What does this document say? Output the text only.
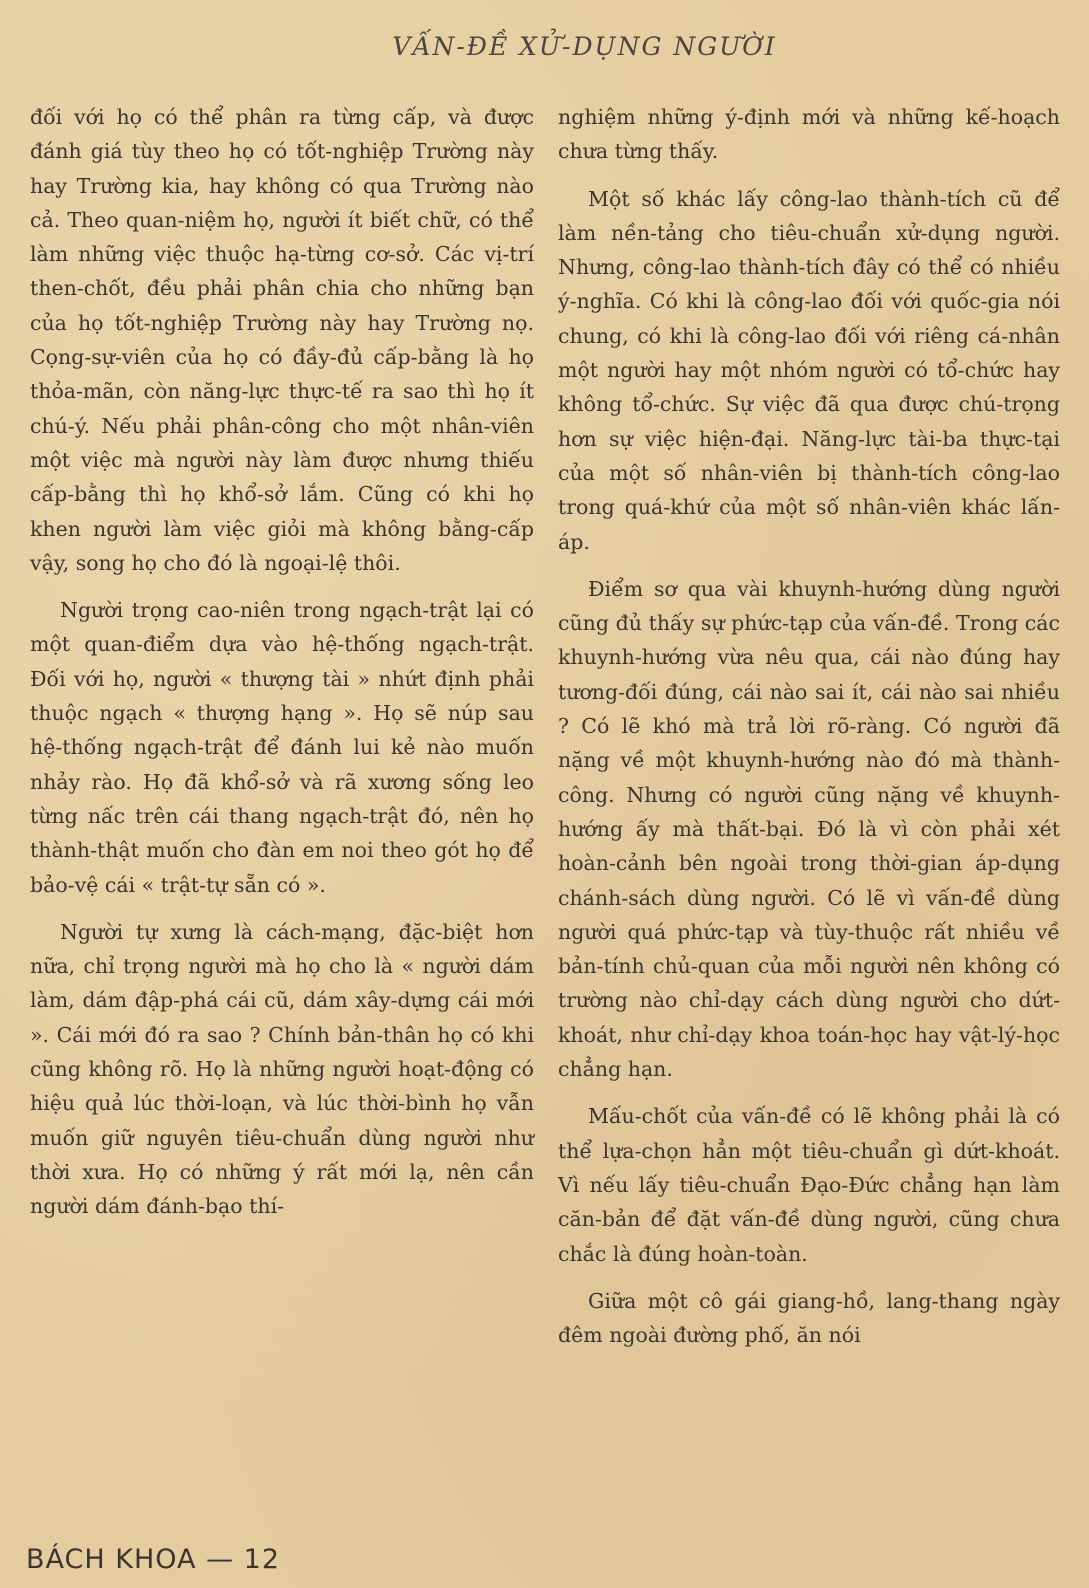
VẤN-ĐỀ XỬ-DỤNG NGƯỜI

đối với họ có thể phân ra từng cấp, và được đánh giá tùy theo họ có tốt-nghiệp Trường này hay Trường kia, hay không có qua Trường nào cả. Theo quan-niệm họ, người ít biết chữ, có thể làm những việc thuộc hạ-từng cơ-sở. Các vị-trí then-chốt, đều phải phân chia cho những bạn của họ tốt-nghiệp Trường này hay Trường nọ. Cọng-sự-viên của họ có đầy-đủ cấp-bằng là họ thỏa-mãn, còn năng-lực thực-tế ra sao thì họ ít chú-ý. Nếu phải phân-công cho một nhân-viên một việc mà người này làm được nhưng thiếu cấp-bằng thì họ khổ-sở lắm. Cũng có khi họ khen người làm việc giỏi mà không bằng-cấp vậy, song họ cho đó là ngoại-lệ thôi.

Người trọng cao-niên trong ngạch-trật lại có một quan-điểm dựa vào hệ-thống ngạch-trật. Đối với họ, người « thượng tài » nhứt định phải thuộc ngạch « thượng hạng ». Họ sẽ núp sau hệ-thống ngạch-trật để đánh lui kẻ nào muốn nhảy rào. Họ đã khổ-sở và rã xương sống leo từng nấc trên cái thang ngạch-trật đó, nên họ thành-thật muốn cho đàn em noi theo gót họ để bảo-vệ cái « trật-tự sẵn có ».

Người tự xưng là cách-mạng, đặc-biệt hơn nữa, chỉ trọng người mà họ cho là « người dám làm, dám đập-phá cái cũ, dám xây-dựng cái mới ». Cái mới đó ra sao ? Chính bản-thân họ có khi cũng không rõ. Họ là những người hoạt-động có hiệu quả lúc thời-loạn, và lúc thời-bình họ vẫn muốn giữ nguyên tiêu-chuẩn dùng người như thời xưa. Họ có những ý rất mới lạ, nên cần người dám đánh-bạo thí-

nghiệm những ý-định mới và những kế-hoạch chưa từng thấy.

Một số khác lấy công-lao thành-tích cũ để làm nền-tảng cho tiêu-chuẩn xử-dụng người. Nhưng, công-lao thành-tích đây có thể có nhiều ý-nghĩa. Có khi là công-lao đối với quốc-gia nói chung, có khi là công-lao đối với riêng cá-nhân một người hay một nhóm người có tổ-chức hay không tổ-chức. Sự việc đã qua được chú-trọng hơn sự việc hiện-đại. Năng-lực tài-ba thực-tại của một số nhân-viên bị thành-tích công-lao trong quá-khứ của một số nhân-viên khác lấn-áp.

Điểm sơ qua vài khuynh-hướng dùng người cũng đủ thấy sự phức-tạp của vấn-đề. Trong các khuynh-hướng vừa nêu qua, cái nào đúng hay tương-đối đúng, cái nào sai ít, cái nào sai nhiều ? Có lẽ khó mà trả lời rõ-ràng. Có người đã nặng về một khuynh-hướng nào đó mà thành-công. Nhưng có người cũng nặng về khuynh-hướng ấy mà thất-bại. Đó là vì còn phải xét hoàn-cảnh bên ngoài trong thời-gian áp-dụng chánh-sách dùng người. Có lẽ vì vấn-đề dùng người quá phức-tạp và tùy-thuộc rất nhiều về bản-tính chủ-quan của mỗi người nên không có trường nào chỉ-dạy cách dùng người cho dứt-khoát, như chỉ-dạy khoa toán-học hay vật-lý-học chẳng hạn.

Mấu-chốt của vấn-đề có lẽ không phải là có thể lựa-chọn hẳn một tiêu-chuẩn gì dứt-khoát. Vì nếu lấy tiêu-chuẩn Đạo-Đức chẳng hạn làm căn-bản để đặt vấn-đề dùng người, cũng chưa chắc là đúng hoàn-toàn.

Giữa một cô gái giang-hồ, lang-thang ngày đêm ngoài đường phố, ăn nói

BÁCH KHOA — 12
